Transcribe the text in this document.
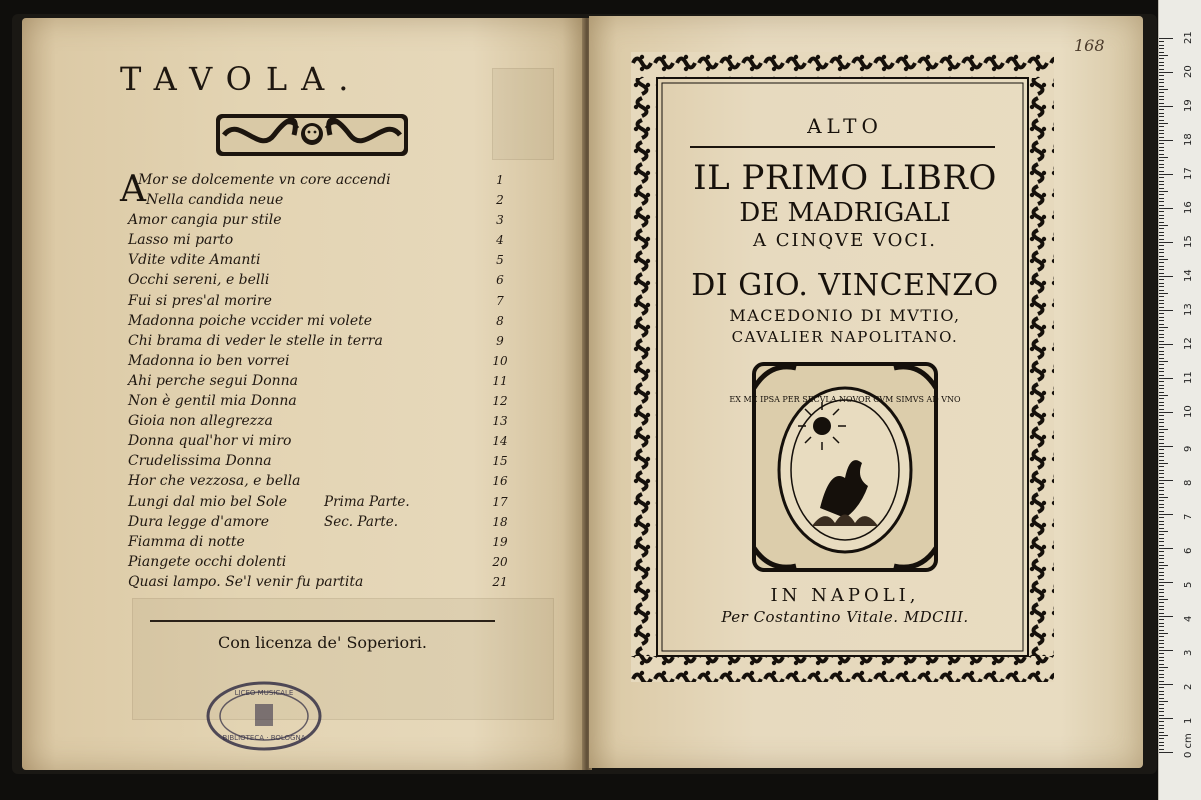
TAVOLA.
A
Mor se dolcemente vn core accendi	1
Nella candida neue	2
Amor cangia pur stile	3
Lasso mi parto	4
Vdite vdite Amanti	5
Occhi sereni, e belli	6
Fui si pres'al morire	7
Madonna poiche vccider mi volete	8
Chi brama di veder le stelle in terra	9
Madonna io ben vorrei	10
Ahi perche segui Donna	11
Non è gentil mia Donna	12
Gioia non allegrezza	13
Donna qual'hor vi miro	14
Crudelissima Donna	15
Hor che vezzosa, e bella	16
Lungi dal mio bel Sole	Prima Parte.	17
Dura legge d'amore	Sec. Parte.	18
Fiamma di notte	19
Piangete occhi dolenti	20
Quasi lampo. Se'l venir fu partita	21
Con licenza de' Soperiori.
LICEO MUSICALE
BIBLIOTECA · BOLOGNA
168
ALTO
IL PRIMO LIBRO
DE MADRIGALI
A CINQVE VOCI.
DI GIO. VINCENZO
MACEDONIO DI MVTIO,
CAVALIER NAPOLITANO.
EX ME IPSA PER SECVLA NOVOR CVM SIMVS AD VNO
IN NAPOLI,
Per Costantino Vitale. MDCIII.
0 cm
1
2
3
4
5
6
7
8
9
10
11
12
13
14
15
16
17
18
19
20
21
